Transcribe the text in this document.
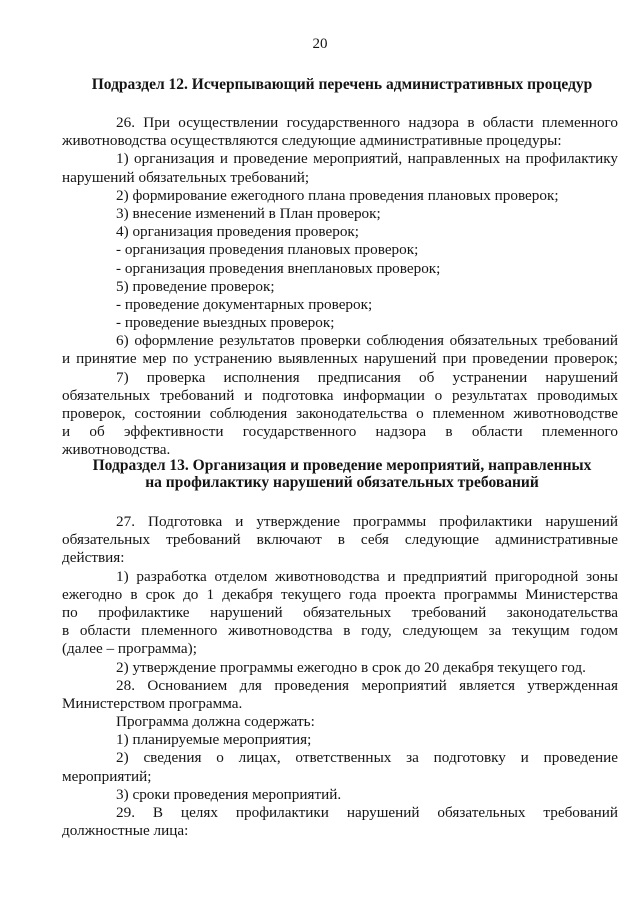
20
Подраздел 12. Исчерпывающий перечень административных процедур
26. При осуществлении государственного надзора в области племенного
животноводства осуществляются следующие административные процедуры:
1) организация и проведение мероприятий, направленных на профилактику
нарушений обязательных требований;
2) формирование ежегодного плана проведения плановых проверок;
3) внесение изменений в План проверок;
4) организация проведения проверок;
- организация проведения плановых проверок;
- организация проведения внеплановых проверок;
5) проведение проверок;
- проведение документарных проверок;
- проведение выездных проверок;
6) оформление результатов проверки соблюдения обязательных требований
и принятие мер по устранению выявленных нарушений при проведении проверок;
7) проверка исполнения предписания об устранении нарушений
обязательных требований и подготовка информации о результатах проводимых
проверок, состоянии соблюдения законодательства о племенном животноводстве
и об эффективности государственного надзора в области племенного
животноводства.
Подраздел 13. Организация и проведение мероприятий, направленных
на профилактику нарушений обязательных требований
27. Подготовка и утверждение программы профилактики нарушений
обязательных требований включают в себя следующие административные
действия:
1) разработка отделом животноводства и предприятий пригородной зоны
ежегодно в срок до 1 декабря текущего года проекта программы Министерства
по профилактике нарушений обязательных требований законодательства
в области племенного животноводства в году, следующем за текущим годом
(далее – программа);
2) утверждение программы ежегодно в срок до 20 декабря текущего год.
28. Основанием для проведения мероприятий является утвержденная
Министерством программа.
Программа должна содержать:
1) планируемые мероприятия;
2) сведения о лицах, ответственных за подготовку и проведение
мероприятий;
3) сроки проведения мероприятий.
29. В целях профилактики нарушений обязательных требований
должностные лица:
